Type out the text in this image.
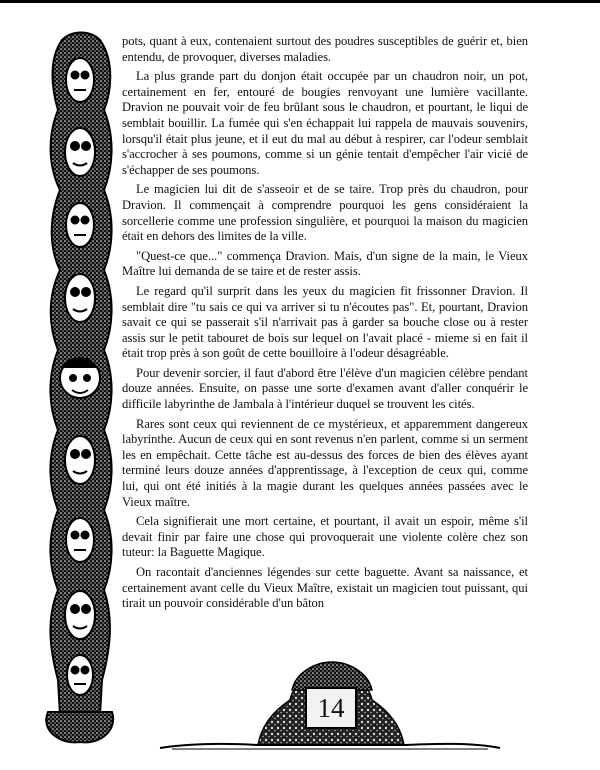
pots, quant à eux, contenaient surtout des poudres susceptibles de guérir et, bien entendu, de provoquer, diverses maladies.

La plus grande part du donjon était occupée par un chaudron noir, un pot, certainement en fer, entouré de bougies renvoyant une lumière vacillante. Dravion ne pouvait voir de feu brûlant sous le chaudron, et pourtant, le liqui de semblait bouillir. La fumée qui s'en échappait lui rappela de mauvais souvenirs, lorsqu'il était plus jeune, et il eut du mal au début à respirer, car l'odeur semblait s'accrocher à ses poumons, comme si un génie tentait d'empêcher l'air vicié de s'échapper de ses poumons.

Le magicien lui dit de s'asseoir et de se taire. Trop près du chaudron, pour Dravion. Il commençait à comprendre pourquoi les gens considéraient la sorcellerie comme une profession singulière, et pourquoi la maison du magicien était en dehors des limites de la ville.

"Quest-ce que..." commença Dravion. Mais, d'un signe de la main, le Vieux Maître lui demanda de se taire et de rester assis.

Le regard qu'il surprit dans les yeux du magicien fit frissonner Dravion. Il semblait dire "tu sais ce qui va arriver si tu n'écoutes pas". Et, pourtant, Dravion savait ce qui se passerait s'il n'arrivait pas à garder sa bouche close ou à rester assis sur le petit tabouret de bois sur lequel on l'avait placé - mieme si en fait il était trop près à son goût de cette bouilloire à l'odeur désagréable.

Pour devenir sorcier, il faut d'abord être l'élève d'un magicien célèbre pendant douze années. Ensuite, on passe une sorte d'examen avant d'aller conquérir le difficile labyrinthe de Jambala à l'intérieur duquel se trouvent les cités.

Rares sont ceux qui reviennent de ce mystérieux, et apparemment dangereux labyrinthe. Aucun de ceux qui en sont revenus n'en parlent, comme si un serment les en empêchait. Cette tâche est au-dessus des forces de bien des élèves ayant terminé leurs douze années d'apprentissage, à l'exception de ceux qui, comme lui, qui ont été initiés à la magie durant les quelques années passées avec le Vieux maître.

Cela signifierait une mort certaine, et pourtant, il avait un espoir, même s'il devait finir par faire une chose qui provoquerait une violente colère chez son tuteur: la Baguette Magique.

On racontait d'anciennes légendes sur cette baguette. Avant sa naissance, et certainement avant celle du Vieux Maître, existait un magicien tout puissant, qui tirait un pouvoir considérable d'un bâton

14
